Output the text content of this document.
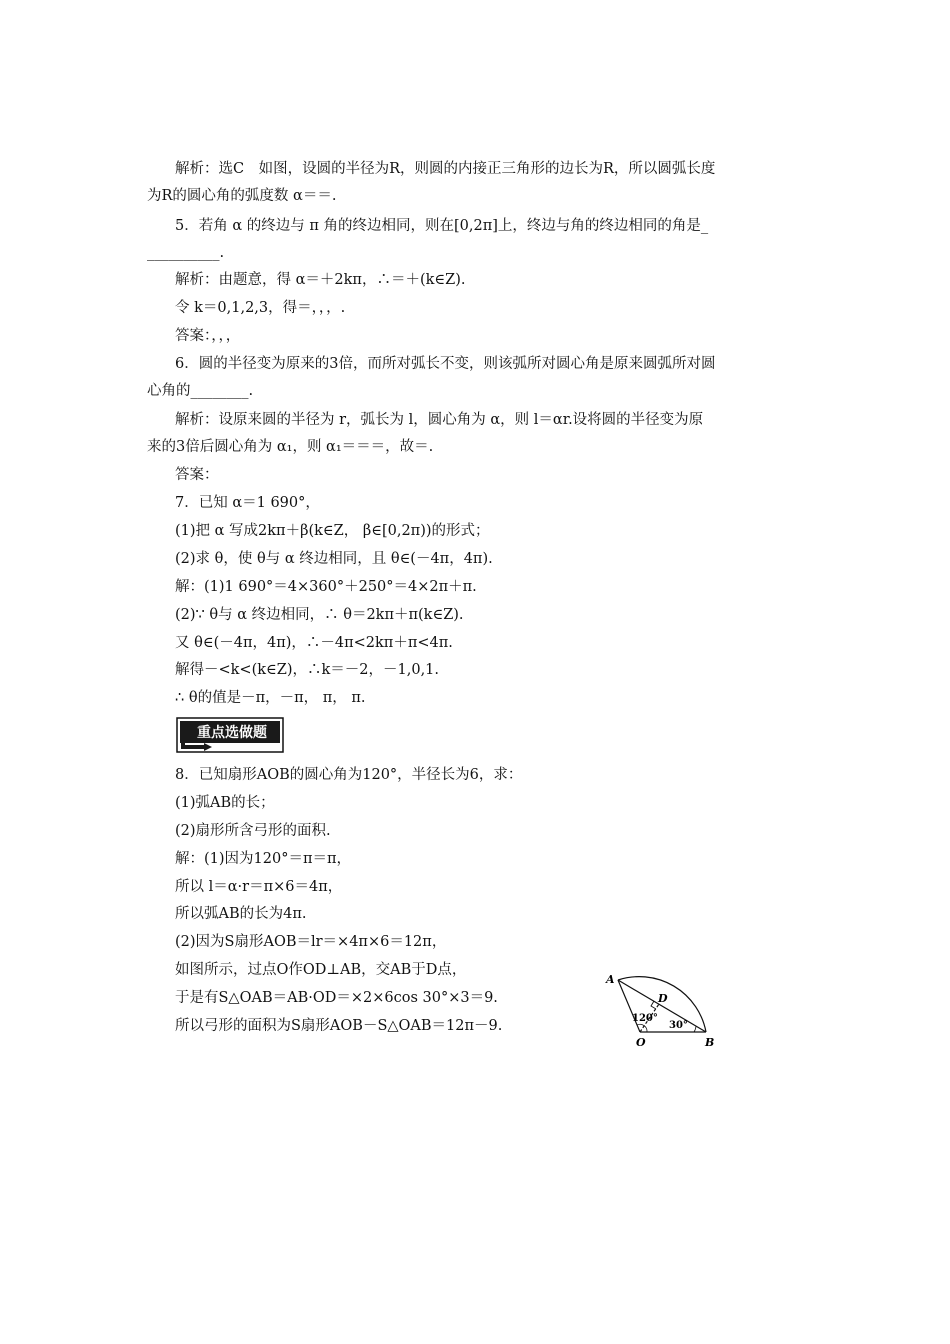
解析：选C　如图，设圆的半径为R，则圆的内接正三角形的边长为R，所以圆弧长度
为R的圆心角的弧度数 α＝＝.
5．若角 α 的终边与 π 角的终边相同，则在[0,2π]上，终边与角的终边相同的角是_
__________.
解析：由题意，得 α＝＋2kπ，∴＝＋(k∈Z).
令 k＝0,1,2,3，得＝，，，.
答案：，，，
6．圆的半径变为原来的3倍，而所对弧长不变，则该弧所对圆心角是原来圆弧所对圆
心角的________.
解析：设原来圆的半径为 r，弧长为 l，圆心角为 α，则 l＝αr.设将圆的半径变为原
来的3倍后圆心角为 α₁，则 α₁＝＝＝，故＝.
答案：
7．已知 α＝1 690°，
(1)把 α 写成2kπ＋β(k∈Z， β∈[0,2π))的形式；
(2)求 θ，使 θ与 α 终边相同，且 θ∈(－4π，4π).
解：(1)1 690°＝4×360°＋250°＝4×2π＋π.
(2)∵ θ与 α 终边相同，∴ θ＝2kπ＋π(k∈Z).
又 θ∈(－4π，4π)，∴－4π<2kπ＋π<4π.
解得－<k<(k∈Z)，∴k＝－2，－1,0,1.
∴ θ的值是－π，－π， π， π.
重点选做题
8．已知扇形AOB的圆心角为120°，半径长为6，求：
(1)弧AB的长；
(2)扇形所含弓形的面积.
解：(1)因为120°＝π＝π，
所以 l＝α·r＝π×6＝4π，
所以弧AB的长为4π.
(2)因为S扇形AOB＝lr＝×4π×6＝12π，
如图所示，过点O作OD⊥AB，交AB于D点，
于是有S△OAB＝AB·OD＝×2×6cos 30°×3＝9.
所以弓形的面积为S扇形AOB－S△OAB＝12π－9.
A
D
O	B
120°
30°
